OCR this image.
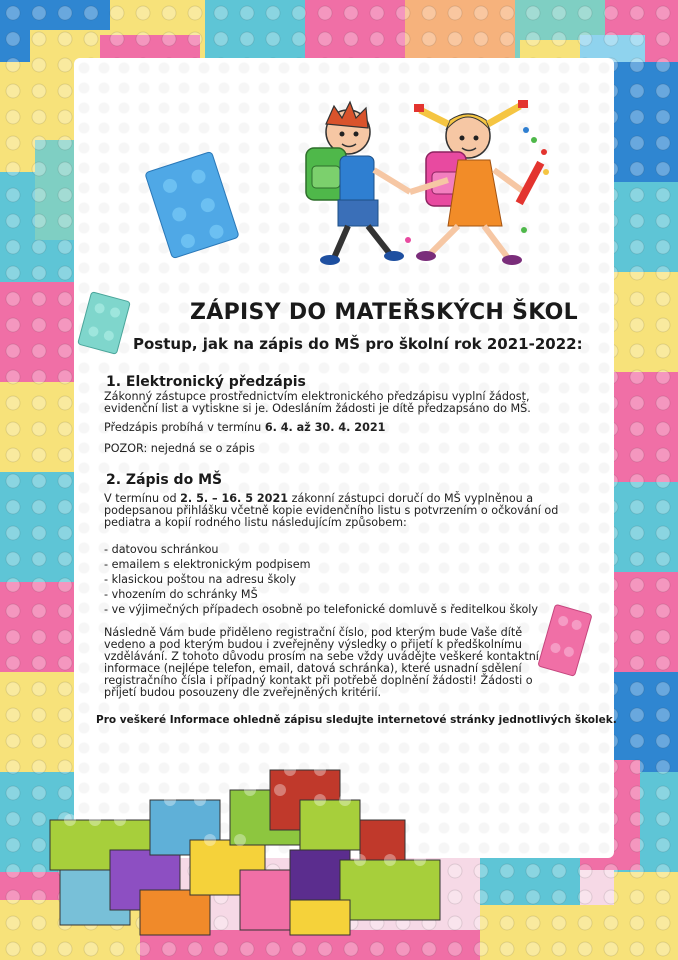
ZÁPISY DO MATEŘSKÝCH ŠKOL
Postup, jak na zápis do MŠ pro školní rok 2021-2022:
1. Elektronický předzápis
Zákonný zástupce prostřednictvím elektronického předzápisu vyplní žádost, evidenční list a vytiskne si je. Odesláním žádosti je dítě předzapsáno do MŠ.
Předzápis probíhá v termínu 6. 4. až 30. 4. 2021
POZOR: nejedná se o zápis
2. Zápis do MŠ
V termínu od 2. 5. – 16. 5 2021 zákonní zástupci doručí do MŠ vyplněnou a podepsanou přihlášku včetně kopie evidenčního listu s potvrzením o očkování od pediatra a kopií rodného listu následujícím způsobem:
- datovou schránkou
- emailem s elektronickým podpisem
- klasickou poštou na adresu školy
- vhozením do schránky MŠ
- ve výjimečných případech osobně po telefonické domluvě s ředitelkou školy
Následně Vám bude přiděleno registrační číslo, pod kterým bude Vaše dítě vedeno a pod kterým budou i zveřejněny výsledky o přijetí k předškolnímu vzdělávání. Z tohoto důvodu prosím na sebe vždy uvádějte veškeré kontaktní informace (nejlépe telefon, email, datová schránka), které usnadní sdělení registračního čísla i případný kontakt při potřebě doplnění žádosti! Žádosti o přijetí budou posouzeny dle zveřejněných kritérií.
Pro veškeré Informace ohledně zápisu sledujte internetové stránky jednotlivých školek.
